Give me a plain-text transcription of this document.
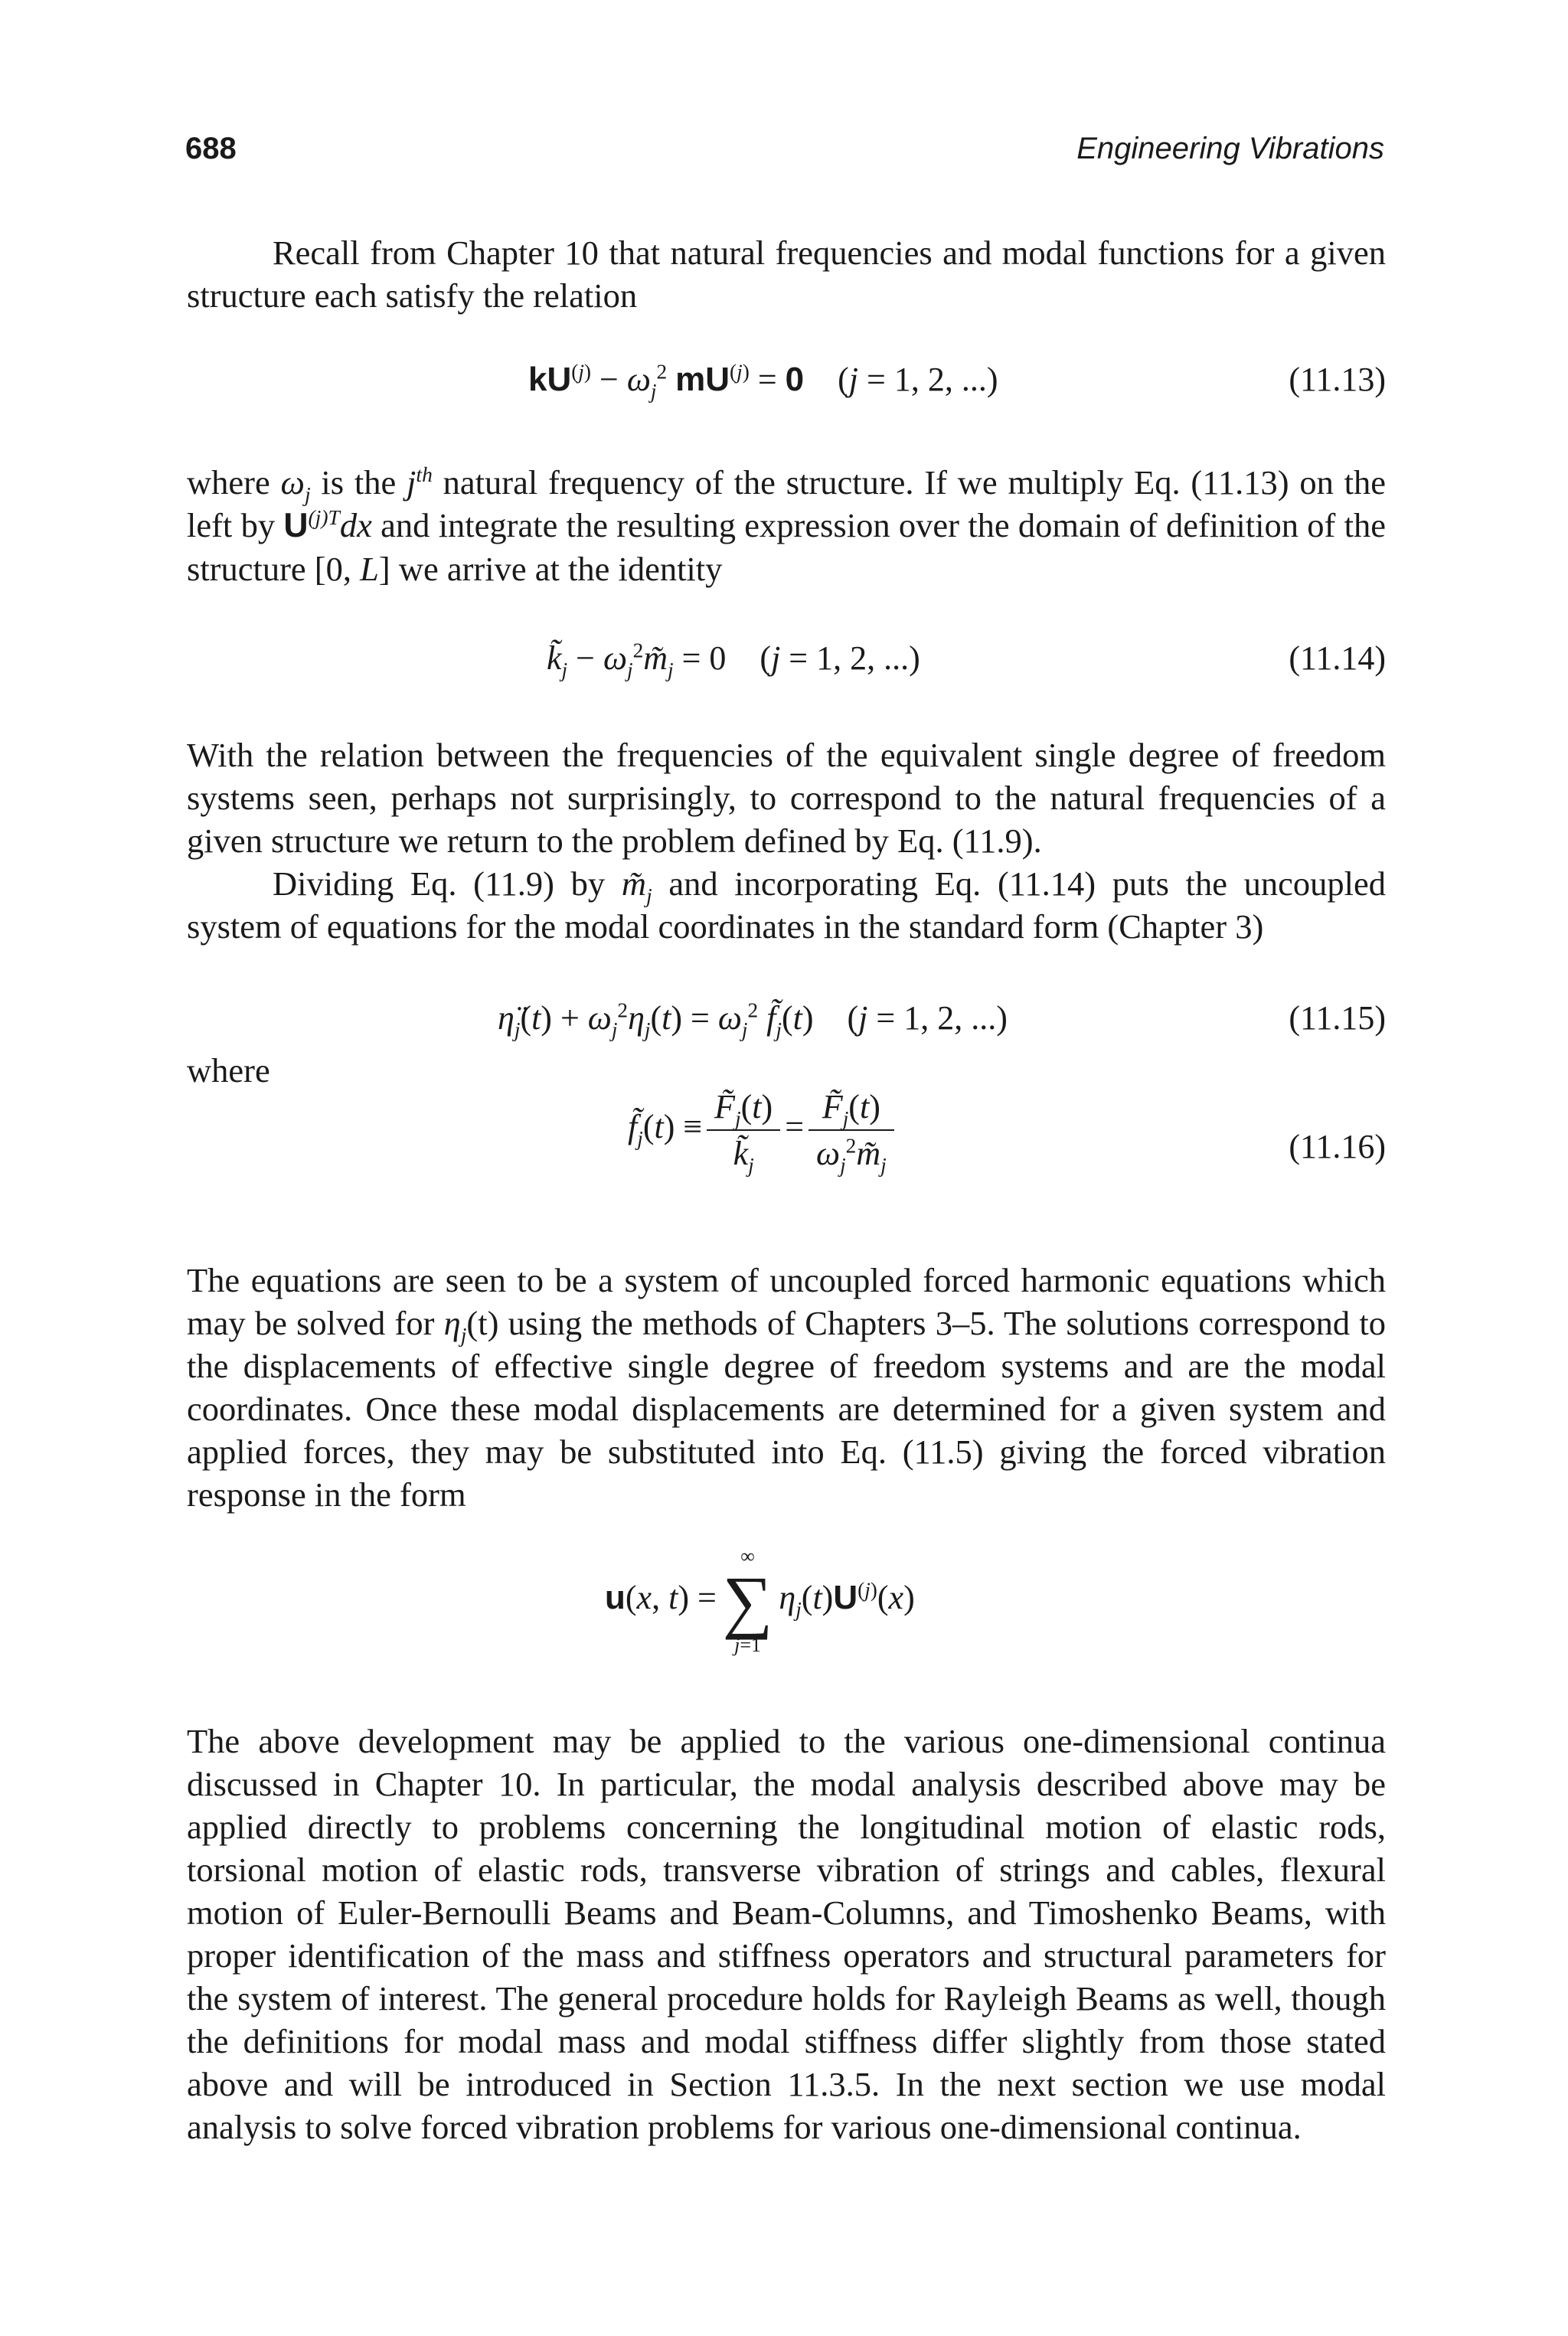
688	Engineering Vibrations

Recall from Chapter 10 that natural frequencies and modal functions for a given structure each satisfy the relation

$kU^{(j)} - \omega_j^2$ $mU^{(j)} = 0$    (j = 1, 2, ...)	(11.13)

where $\omega_j$ is the $j^{th}$ natural frequency of the structure. If we multiply Eq. (11.13) on the left by $U^{(j)T}dx$ and integrate the resulting expression over the domain of definition of the structure [0, L] we arrive at the identity

$k̃_j$ − $\omega_j^2m̃_j = 0$    (j = 1, 2, ...)	(11.14)

With the relation between the frequencies of the equivalent single degree of freedom systems seen, perhaps not surprisingly, to correspond to the natural frequencies of a given structure we return to the problem defined by Eq. (11.9).

Dividing Eq. (11.9) by $m̃_j$ and incorporating Eq. (11.14) puts the uncoupled system of equations for the modal coordinates in the standard form (Chapter 3)

$\etä_j(t) + \omega_j^2\eta_j(t) = \omega_j^2$ $f̃_j(t)$    (j = 1, 2, ...)	(11.15)
where
$f̃_j(t) \equiv \frac{F̃_j(t)}{k̃_j} = \frac{F̃_j(t)}{\omega_j^2m̃_j}$	(11.16)

The equations are seen to be a system of uncoupled forced harmonic equations which may be solved for $\eta_j(t)$ using the methods of Chapters 3–5. The solutions correspond to the displacements of effective single degree of freedom systems and are the modal coordinates. Once these modal displacements are determined for a given system and applied forces, they may be substituted into Eq. (11.5) giving the forced vibration response in the form

u(x, t) =
∞
∑
j=1
$\eta_j(t)U^{(j)}(x)$

The above development may be applied to the various one-dimensional continua discussed in Chapter 10. In particular, the modal analysis described above may be applied directly to problems concerning the longitudinal motion of elastic rods, torsional motion of elastic rods, transverse vibration of strings and cables, flexural motion of Euler-Bernoulli Beams and Beam-Columns, and Timoshenko Beams, with proper identification of the mass and stiffness operators and structural parameters for the system of interest. The general procedure holds for Rayleigh Beams as well, though the definitions for modal mass and modal stiffness differ slightly from those stated above and will be introduced in Section 11.3.5. In the next section we use modal analysis to solve forced vibration problems for various one-dimensional continua.
